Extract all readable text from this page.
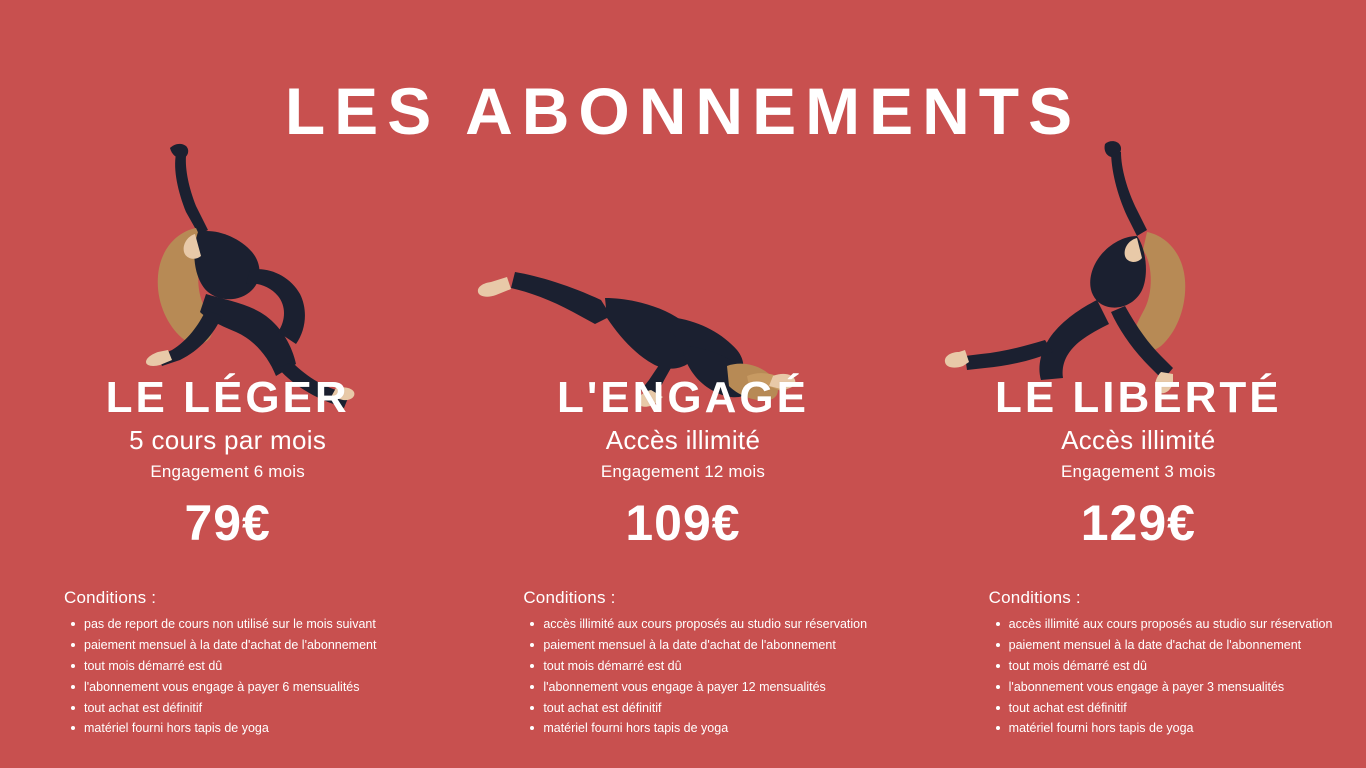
LES ABONNEMENTS
LE LÉGER
5 cours par mois
Engagement 6 mois
79€
L'ENGAGÉ
Accès illimité
Engagement 12 mois
109€
LE LIBERTÉ
Accès illimité
Engagement 3 mois
129€
Conditions :
pas de report de cours non utilisé sur le mois suivant
paiement mensuel à la date d'achat de l'abonnement
tout mois démarré est dû
l'abonnement vous engage à payer 6 mensualités
tout achat est définitif
matériel fourni hors tapis de yoga
Conditions :
accès illimité aux cours proposés au studio sur réservation
paiement mensuel à la date d'achat de l'abonnement
tout mois démarré est dû
l'abonnement vous engage à payer 12 mensualités
tout achat est définitif
matériel fourni hors tapis de yoga
Conditions :
accès illimité aux cours proposés au studio sur réservation
paiement mensuel à la date d'achat de l'abonnement
tout mois démarré est dû
l'abonnement vous engage à payer 3 mensualités
tout achat est définitif
matériel fourni hors tapis de yoga
